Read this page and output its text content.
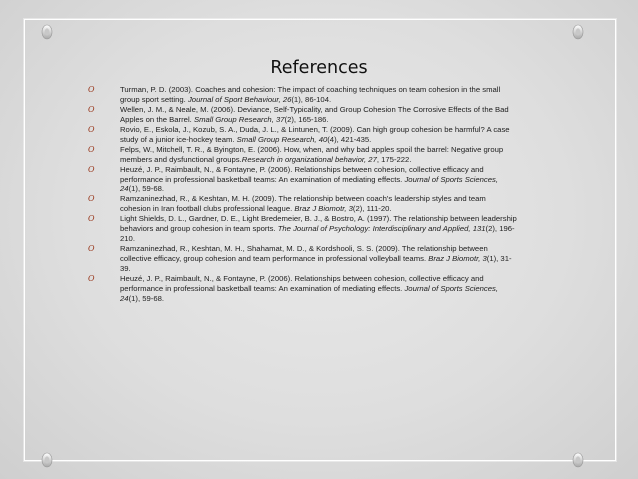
References
O	Turman, P. D. (2003). Coaches and cohesion: The impact of coaching techniques on team cohesion in the small group sport setting. Journal of Sport Behaviour, 26(1), 86-104.
O	Wellen, J. M., & Neale, M. (2006). Deviance, Self-Typicality, and Group Cohesion The Corrosive Effects of the Bad Apples on the Barrel. Small Group Research, 37(2), 165-186.
O	Rovio, E., Eskola, J., Kozub, S. A., Duda, J. L., & Lintunen, T. (2009). Can high group cohesion be harmful? A case study of a junior ice-hockey team. Small Group Research, 40(4), 421-435.
O	Felps, W., Mitchell, T. R., & Byington, E. (2006). How, when, and why bad apples spoil the barrel: Negative group members and dysfunctional groups.Research in organizational behavior, 27, 175-222.
O	Heuzé, J. P., Raimbault, N., & Fontayne, P. (2006). Relationships between cohesion, collective efficacy and performance in professional basketball teams: An examination of mediating effects. Journal of Sports Sciences, 24(1), 59-68.
O	Ramzaninezhad, R., & Keshtan, M. H. (2009). The relationship between coach's leadership styles and team cohesion in Iran football clubs professional league. Braz J Biomotr, 3(2), 111-20.
O	Light Shields, D. L., Gardner, D. E., Light Bredemeier, B. J., & Bostro, A. (1997). The relationship between leadership behaviors and group cohesion in team sports. The Journal of Psychology: Interdisciplinary and Applied, 131(2), 196-210.
O	Ramzaninezhad, R., Keshtan, M. H., Shahamat, M. D., & Kordshooli, S. S. (2009). The relationship between collective efficacy, group cohesion and team performance in professional volleyball teams. Braz J Biomotr, 3(1), 31-39.
O	Heuzé, J. P., Raimbault, N., & Fontayne, P. (2006). Relationships between cohesion, collective efficacy and performance in professional basketball teams: An examination of mediating effects. Journal of Sports Sciences, 24(1), 59-68.
